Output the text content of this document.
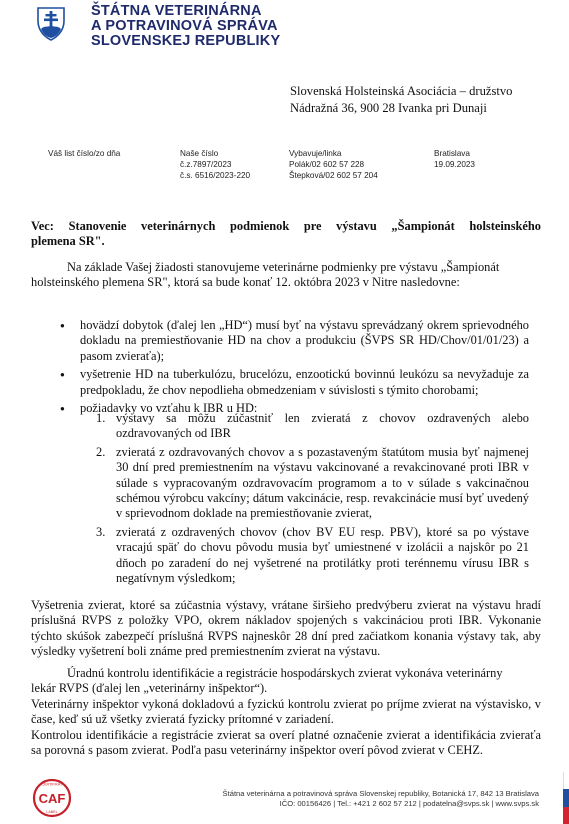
ŠTÁTNA VETERINÁRNA
A POTRAVINOVÁ SPRÁVA
SLOVENSKEJ REPUBLIKY
Slovenská Holsteinská Asociácia – družstvo
Nádražná 36, 900 28 Ivanka pri Dunaji
Váš list číslo/zo dňa	Naše číslo
č.z.7897/2023
č.s. 6516/2023-220
Vybavuje/linka
Polák/02 602 57 228
Štepková/02 602 57 204
Bratislava
19.09.2023
Vec: Stanovenie veterinárnych podmienok pre výstavu „Šampionát holsteinského
plemena SR".
Na základe Vašej žiadosti stanovujeme veterinárne podmienky pre výstavu „Šampionát
holsteinského plemena SR", ktorá sa bude konať 12. októbra 2023 v Nitre nasledovne:
● hovädzí dobytok (ďalej len „HD“) musí byť na výstavu sprevádzaný okrem sprievodného dokladu na premiestňovanie HD na chov a produkciu (ŠVPS SR HD/Chov/01/01/23) a pasom zvieraťa);
● vyšetrenie HD na tuberkulózu, brucelózu, enzootickú bovinnú leukózu sa nevyžaduje za predpokladu, že chov nepodlieha obmedzeniam v súvislosti s týmito chorobami;
● požiadavky vo vzťahu k IBR u HD:
1. výstavy sa môžu zúčastniť len zvieratá z chovov ozdravených alebo ozdravovaných od IBR
2. zvieratá z ozdravovaných chovov a s pozastaveným štatútom musia byť najmenej 30 dní pred premiestnením na výstavu vakcinované a revakcinované proti IBR v súlade s vypracovaným ozdravovacím programom a to v súlade s vakcinačnou schémou výrobcu vakcíny; dátum vakcinácie, resp. revakcinácie musí byť uvedený v sprievodnom doklade na premiestňovanie zvierat,
3. zvieratá z ozdravených chovov (chov BV EU resp. PBV), ktoré sa po výstave vracajú späť do chovu pôvodu musia byť umiestnené v izolácii a najskôr po 21 dňoch po zaradení do nej vyšetrené na protilátky proti terénnemu vírusu IBR s negatívnym výsledkom;
Vyšetrenia zvierat, ktoré sa zúčastnia výstavy, vrátane širšieho predvýberu zvierat na výstavu hradí príslušná RVPS z položky VPO, okrem nákladov spojených s vakcináciou proti IBR. Vykonanie týchto skúšok zabezpečí príslušná RVPS najneskôr 28 dní pred začiatkom konania výstavy tak, aby výsledky vyšetrení boli známe pred premiestnením zvierat na výstavu.
Úradnú kontrolu identifikácie a registrácie hospodárskych zvierat vykonáva veterinárny
lekár RVPS (ďalej len „veterinárny inšpektor“).
Veterinárny inšpektor vykoná dokladovú a fyzickú kontrolu zvierat po príjme zvierat na výstavisko, v čase, keď sú už všetky zvieratá fyzicky prítomné v zariadení.
Kontrolou identifikácie a registrácie zvierat sa overí platné označenie zvierat a identifikácia zvieraťa sa porovná s pasom zvierat. Podľa pasu veterinárny inšpektor overí pôvod zvierat v CEHZ.
CERTIFIKÁT
CAF
LABEL
Štátna veterinárna a potravinová správa Slovenskej republiky, Botanická 17, 842 13 Bratislava
IČO: 00156426 | Tel.: +421 2 602 57 212 | podatelna@svps.sk | www.svps.sk
